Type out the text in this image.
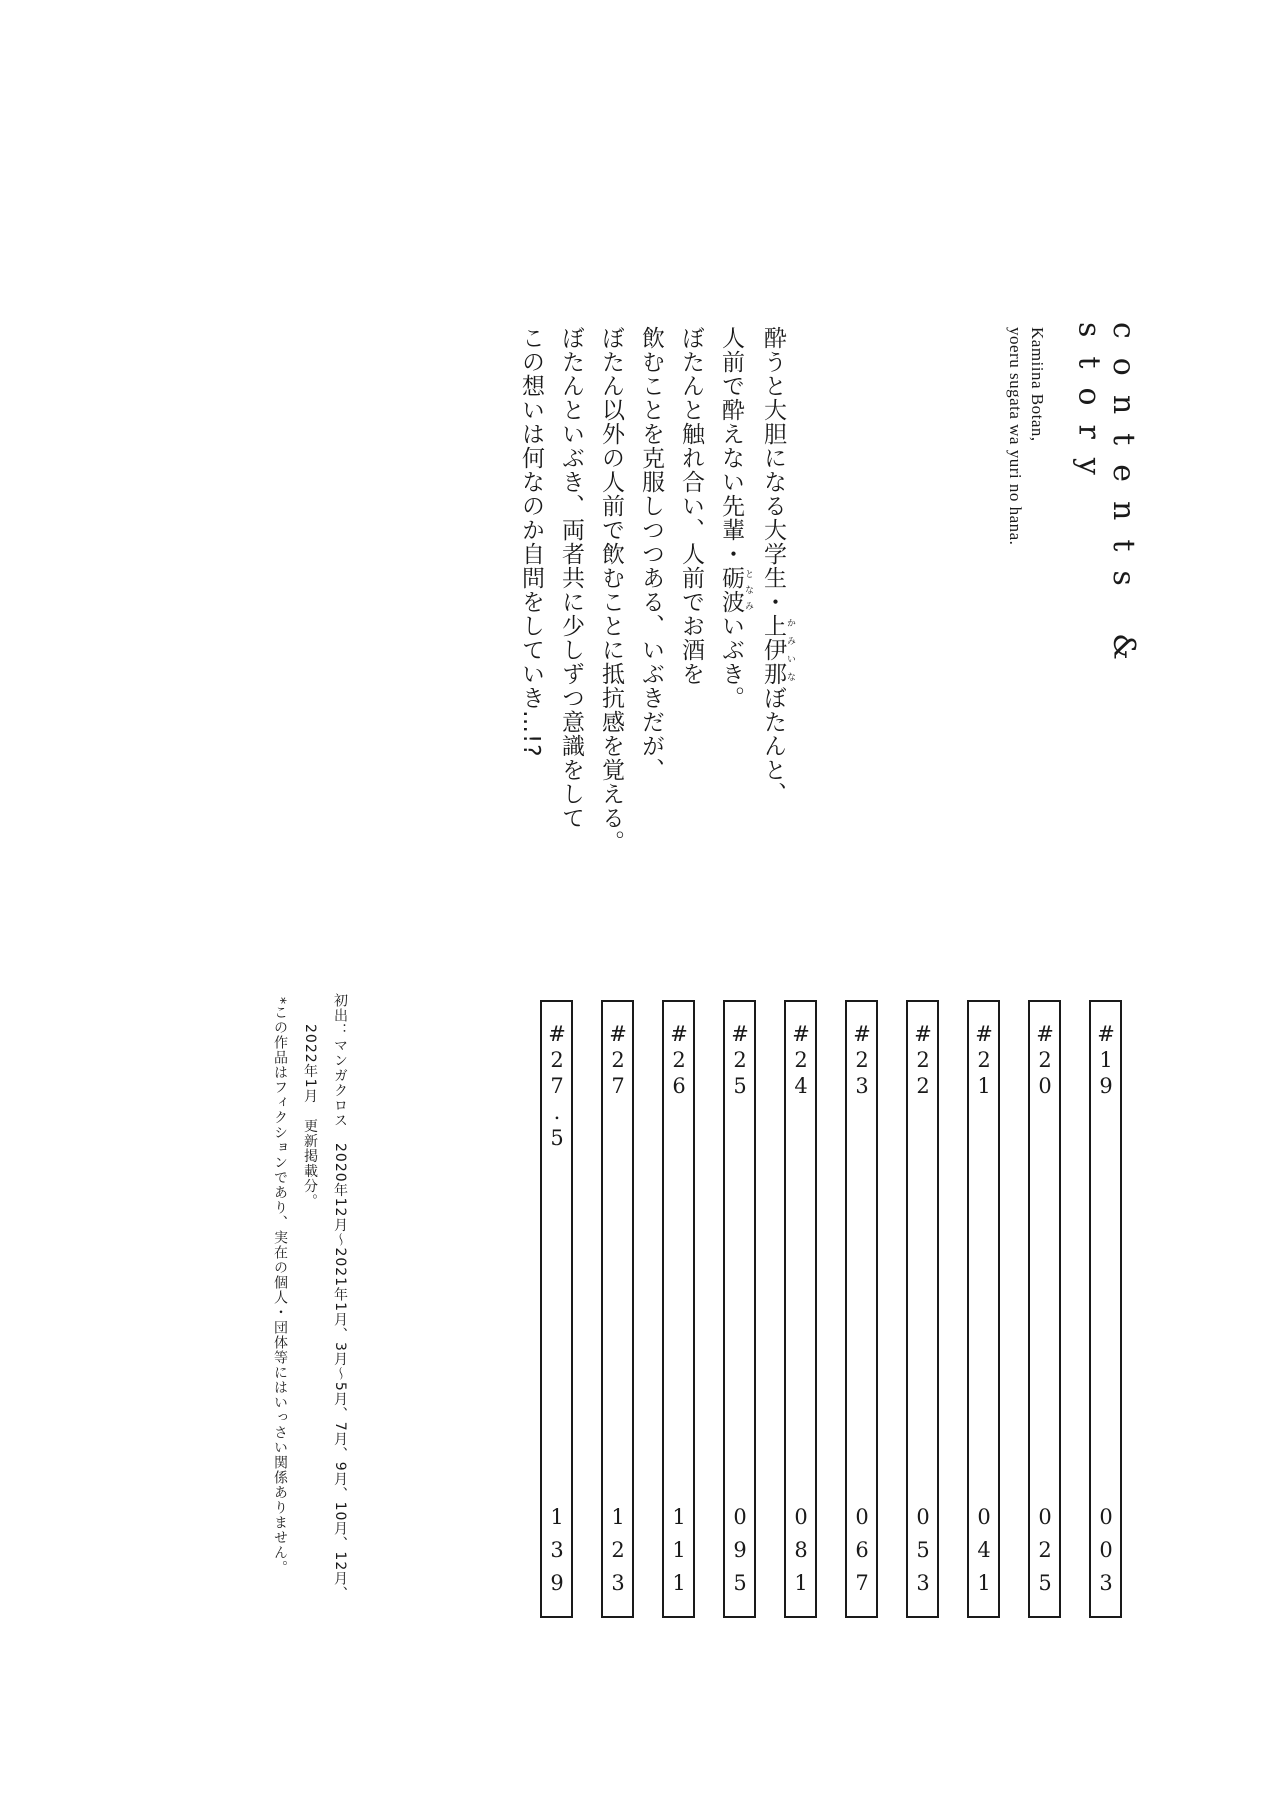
contents &
story
Kamiina Botan,
yoeru sugata wa yuri no hana.
酔うと大胆になる大学生・上伊那 かみいなぼたんと、
人前で酔えない先輩・砺波 となみいぶき。
ぼたんと触れ合い、人前でお酒を
飲むことを克服しつつある、いぶきだが、
ぼたん以外の人前で飲むことに抵抗感を覚える。
ぼたんといぶき、両者共に少しずつ意識をして
この想いは何なのか自問をしていき…!?
#19
003
#20
025
#21
041
#22
053
#23
067
#24
081
#25
095
#26
111
#27
123
#27.5
139
初出：マンガクロス　2020年12月～2021年1月、3月～5月、7月、9月、10月、12月、
2022年1月　更新掲載分。
*この作品はフィクションであり、実在の個人・団体等にはいっさい関係ありません。
